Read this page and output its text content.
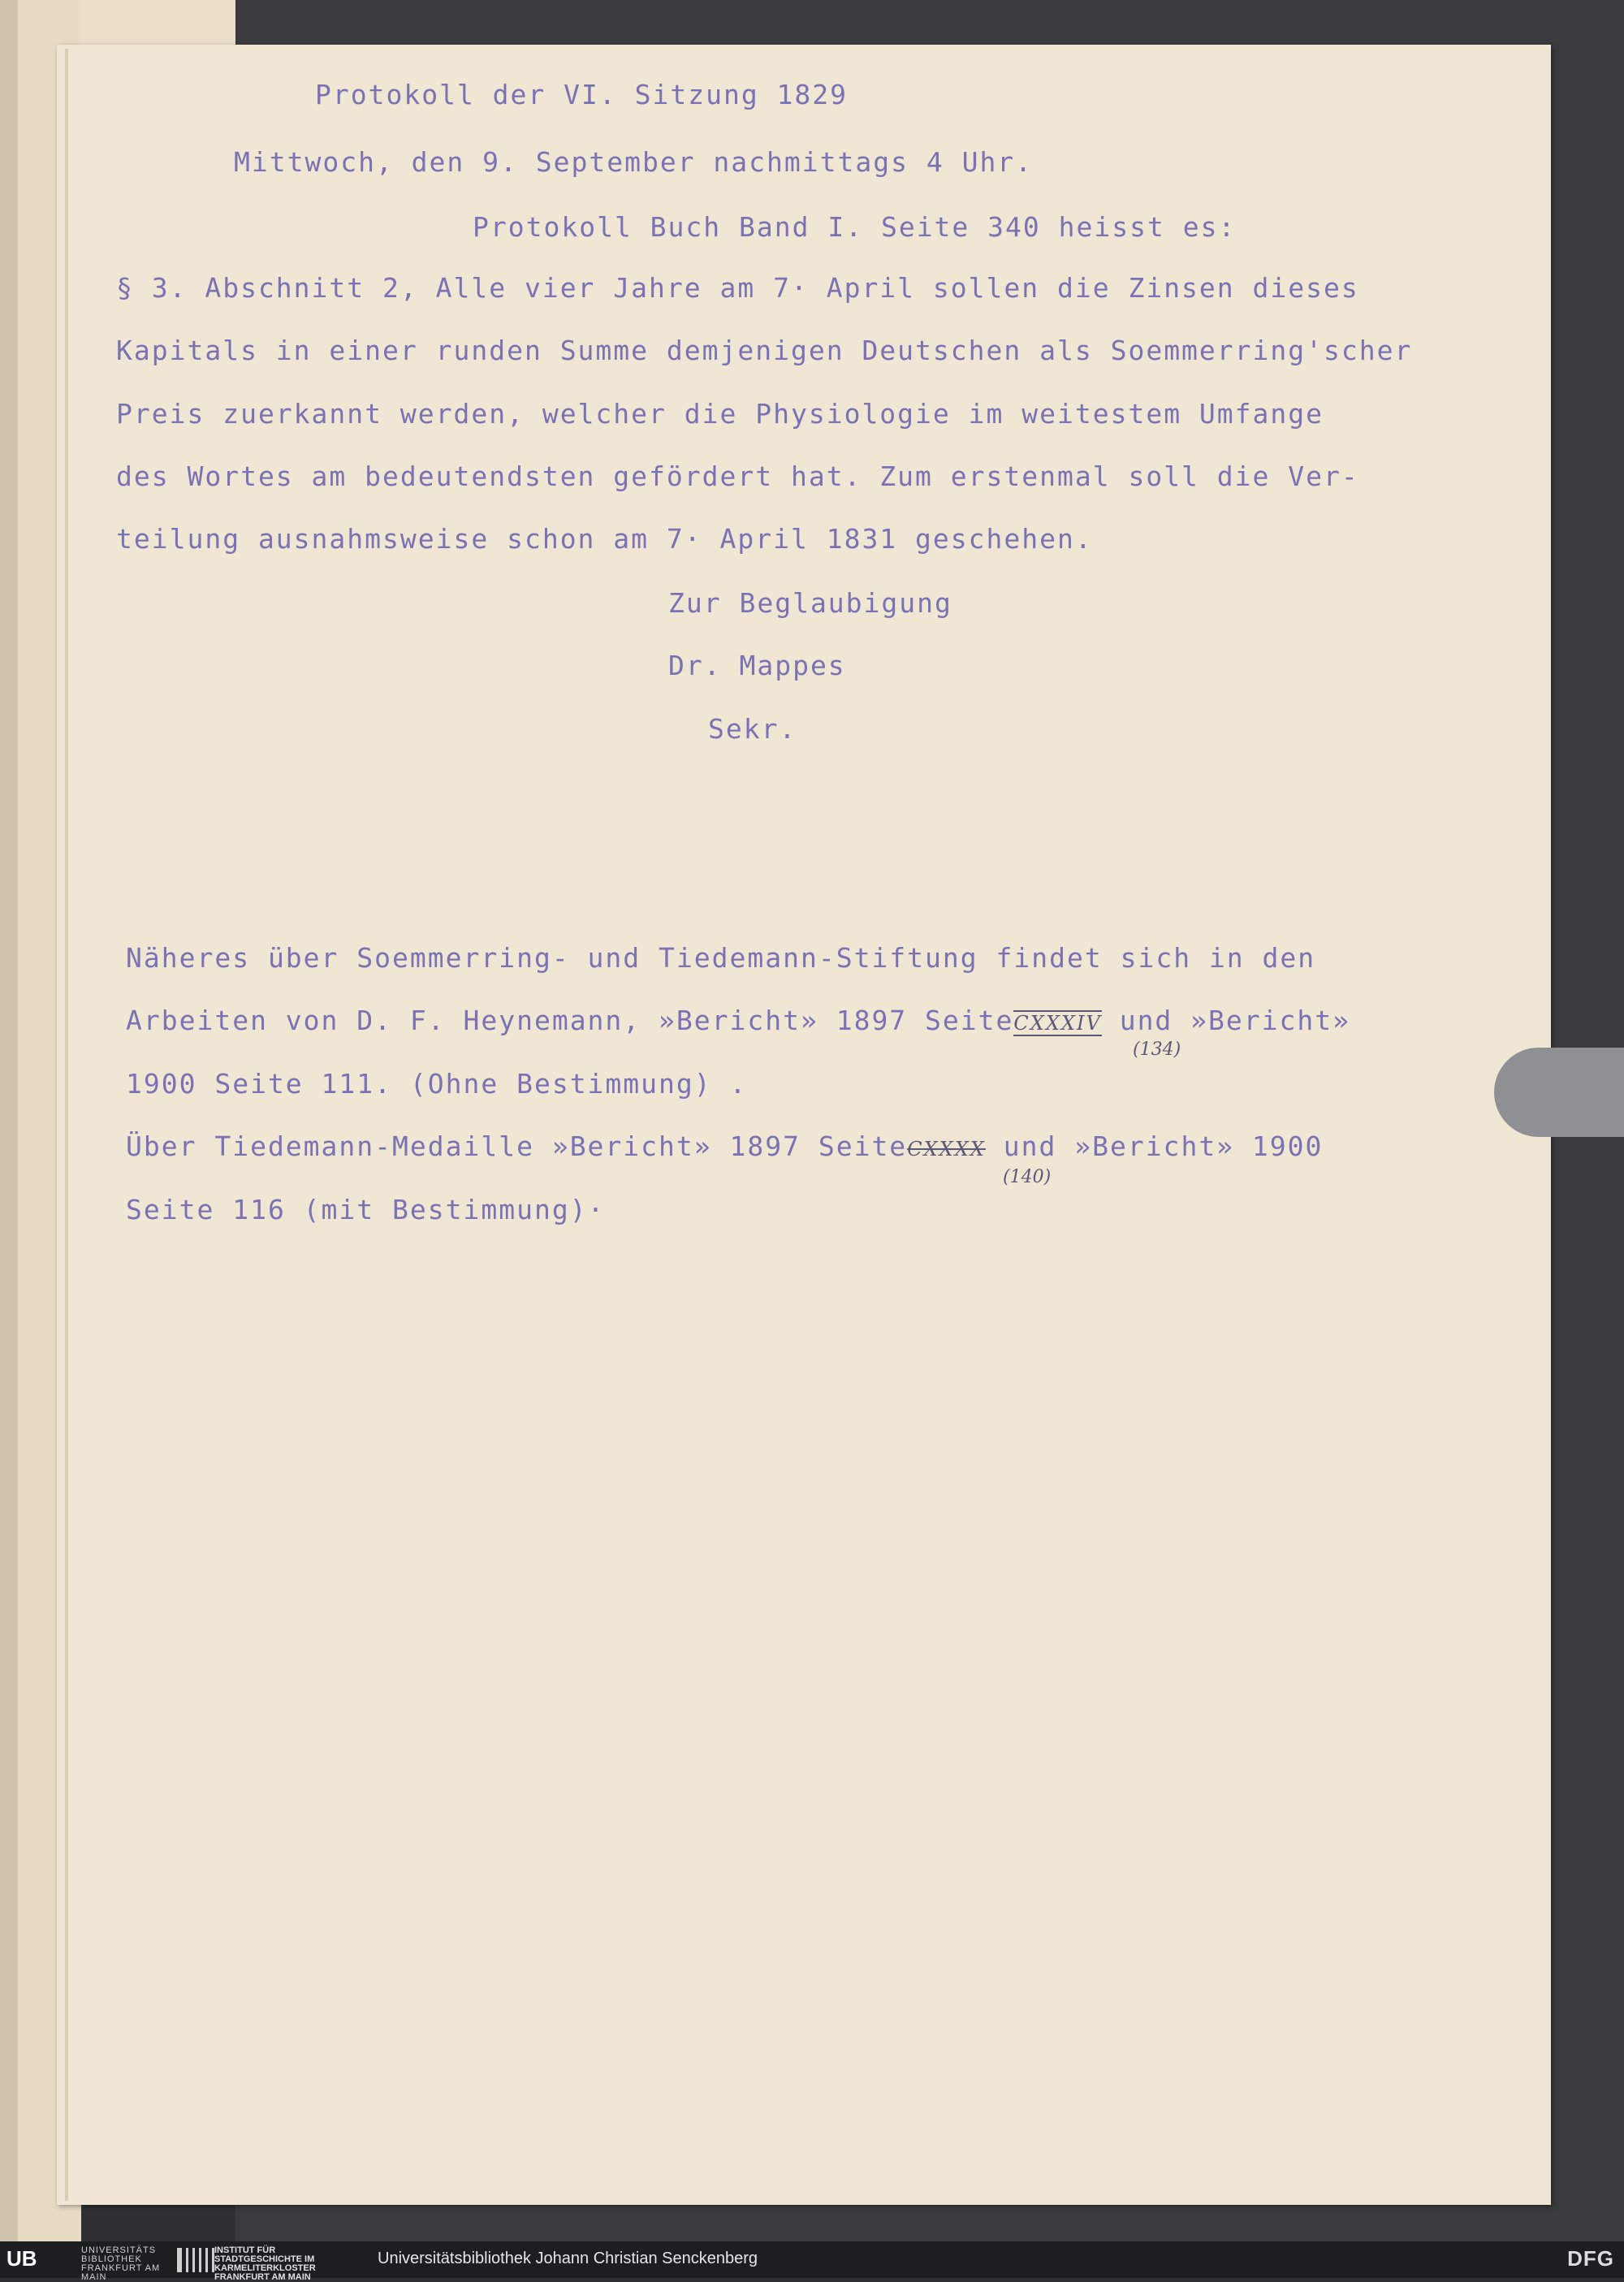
Protokoll der VI. Sitzung 1829
Mittwoch, den 9. September nachmittags 4 Uhr.
Protokoll Buch Band I. Seite 340 heisst es:
§ 3. Abschnitt 2, Alle vier Jahre am 7· April sollen die Zinsen dieses
Kapitals in einer runden Summe demjenigen Deutschen als Soemmerring'scher
Preis zuerkannt werden, welcher die Physiologie im weitestem Umfange
des Wortes am bedeutendsten gefördert hat. Zum erstenmal soll die Ver-
teilung ausnahmsweise schon am 7· April 1831 geschehen.
Zur Beglaubigung
Dr. Mappes
Sekr.
Näheres über Soemmerring- und Tiedemann-Stiftung findet sich in den
Arbeiten von D. F. Heynemann, »Bericht» 1897 SeiteCXXXIV und »Bericht»
(134)
1900 Seite 111. (Ohne Bestimmung) .
Über Tiedemann-Medaille »Bericht» 1897 SeiteCXXXX und »Bericht» 1900
(140)
Seite 116 (mit Bestimmung)·
UB	UNIVERSITÄTS BIBLIOTHEK FRANKFURT AM MAIN
INSTITUT FÜR STADTGESCHICHTE IM KARMELITERKLOSTER FRANKFURT AM MAIN
Universitätsbibliothek Johann Christian Senckenberg	DFG
